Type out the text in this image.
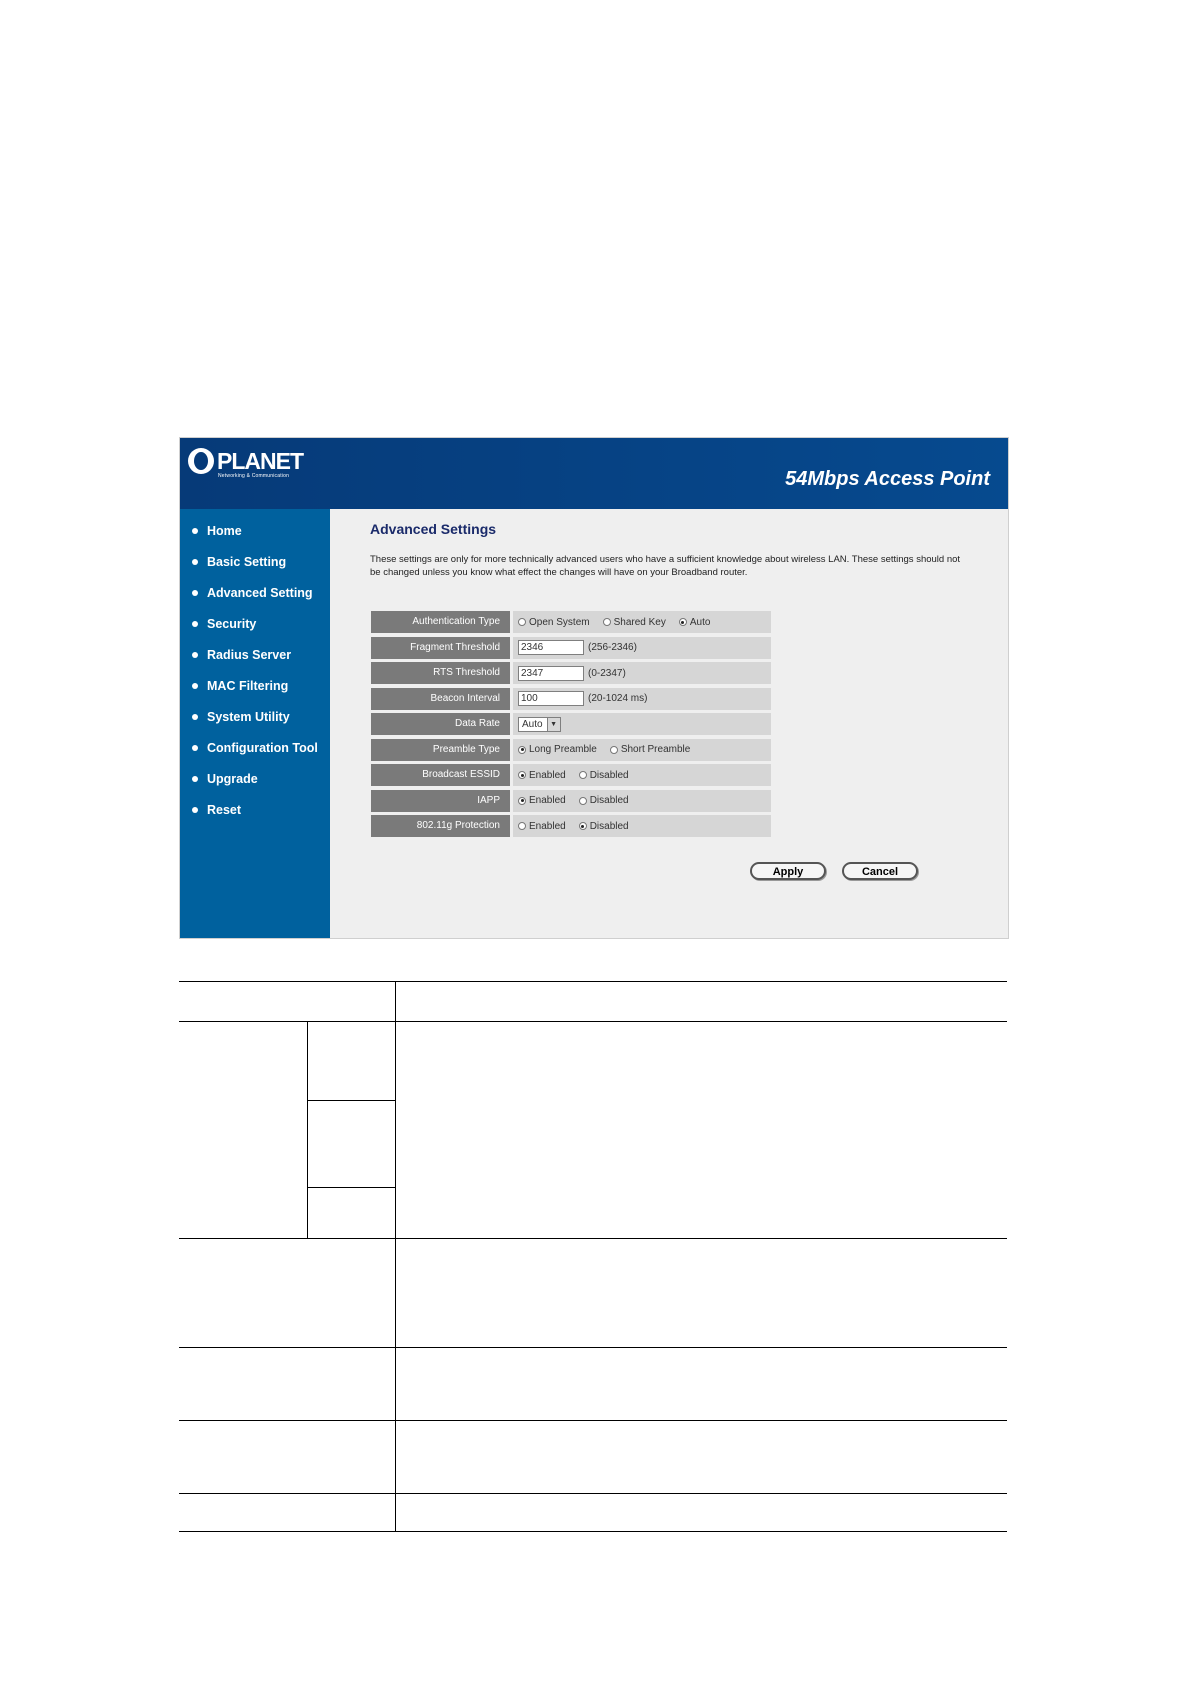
PLANET
Networking & Communication	54Mbps Access Point
Home
Basic Setting
Advanced Setting
Security
Radius Server
MAC Filtering
System Utility
Configuration Tool
Upgrade
Reset
Advanced Settings
These settings are only for more technically advanced users who have a sufficient knowledge about wireless LAN. These settings should not be changed unless you know what effect the changes will have on your Broadband router.
Authentication Type	Open System Shared Key Auto
Fragment Threshold	2346	(256-2346)
RTS Threshold	2347	(0-2347)
Beacon Interval	100	(20-1024 ms)
Data Rate	Auto	▼
Preamble Type	Long Preamble Short Preamble
Broadcast ESSID	Enabled Disabled
IAPP	Enabled Disabled
802.11g Protection	Enabled Disabled
Apply	Cancel
